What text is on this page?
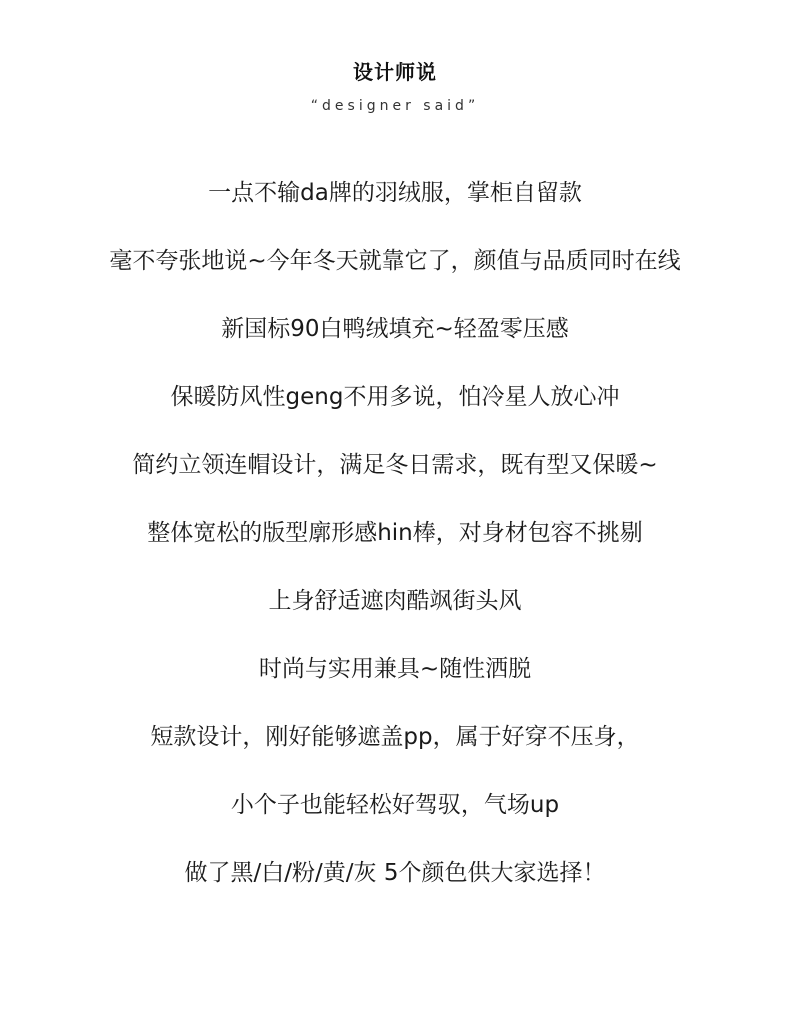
设计师说
“designer said”
一点不输da牌的羽绒服，掌柜自留款
毫不夸张地说~今年冬天就靠它了，颜值与品质同时在线
新国标90白鸭绒填充~轻盈零压感
保暖防风性geng不用多说，怕冷星人放心冲
简约立领连帽设计，满足冬日需求，既有型又保暖~
整体宽松的版型廓形感hin棒，对身材包容不挑剔
上身舒适遮肉酷飒街头风
时尚与实用兼具~随性洒脱
短款设计，刚好能够遮盖pp，属于好穿不压身，
小个子也能轻松好驾驭，气场up
做了黑/白/粉/黄/灰 5个颜色供大家选择！
